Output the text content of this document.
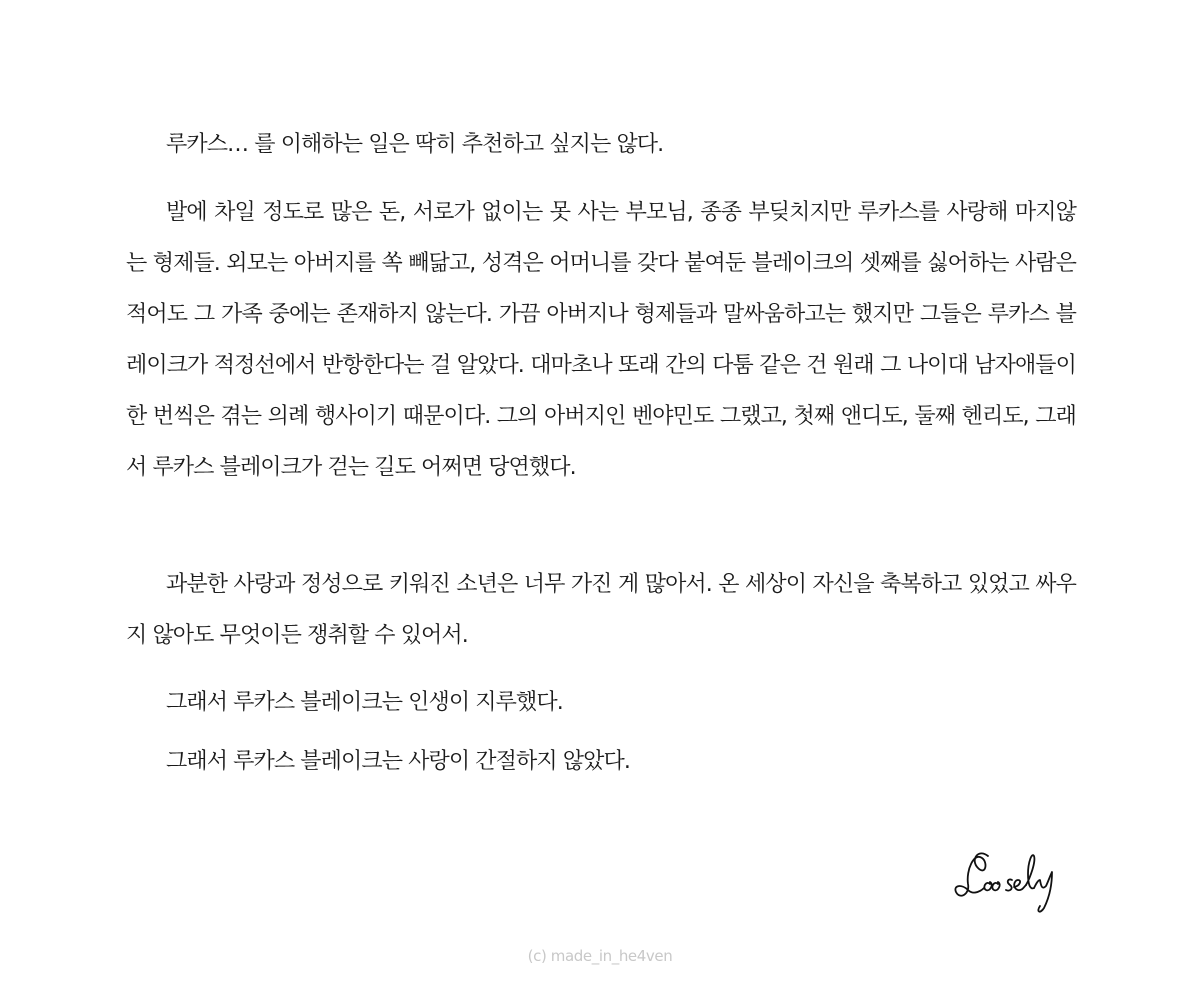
루카스… 를 이해하는 일은 딱히 추천하고 싶지는 않다.

발에 차일 정도로 많은 돈, 서로가 없이는 못 사는 부모님, 종종 부딪치지만 루카스를 사랑해 마지않는 형제들. 외모는 아버지를 쏙 빼닮고, 성격은 어머니를 갖다 붙여둔 블레이크의 셋째를 싫어하는 사람은 적어도 그 가족 중에는 존재하지 않는다. 가끔 아버지나 형제들과 말싸움하고는 했지만 그들은 루카스 블레이크가 적정선에서 반항한다는 걸 알았다. 대마초나 또래 간의 다툼 같은 건 원래 그 나이대 남자애들이 한 번씩은 겪는 의례 행사이기 때문이다. 그의 아버지인 벤야민도 그랬고, 첫째 앤디도, 둘째 헨리도, 그래서 루카스 블레이크가 걷는 길도 어쩌면 당연했다.

과분한 사랑과 정성으로 키워진 소년은 너무 가진 게 많아서. 온 세상이 자신을 축복하고 있었고 싸우지 않아도 무엇이든 쟁취할 수 있어서.

그래서 루카스 블레이크는 인생이 지루했다.

그래서 루카스 블레이크는 사랑이 간절하지 않았다.

(c) made_in_he4ven
